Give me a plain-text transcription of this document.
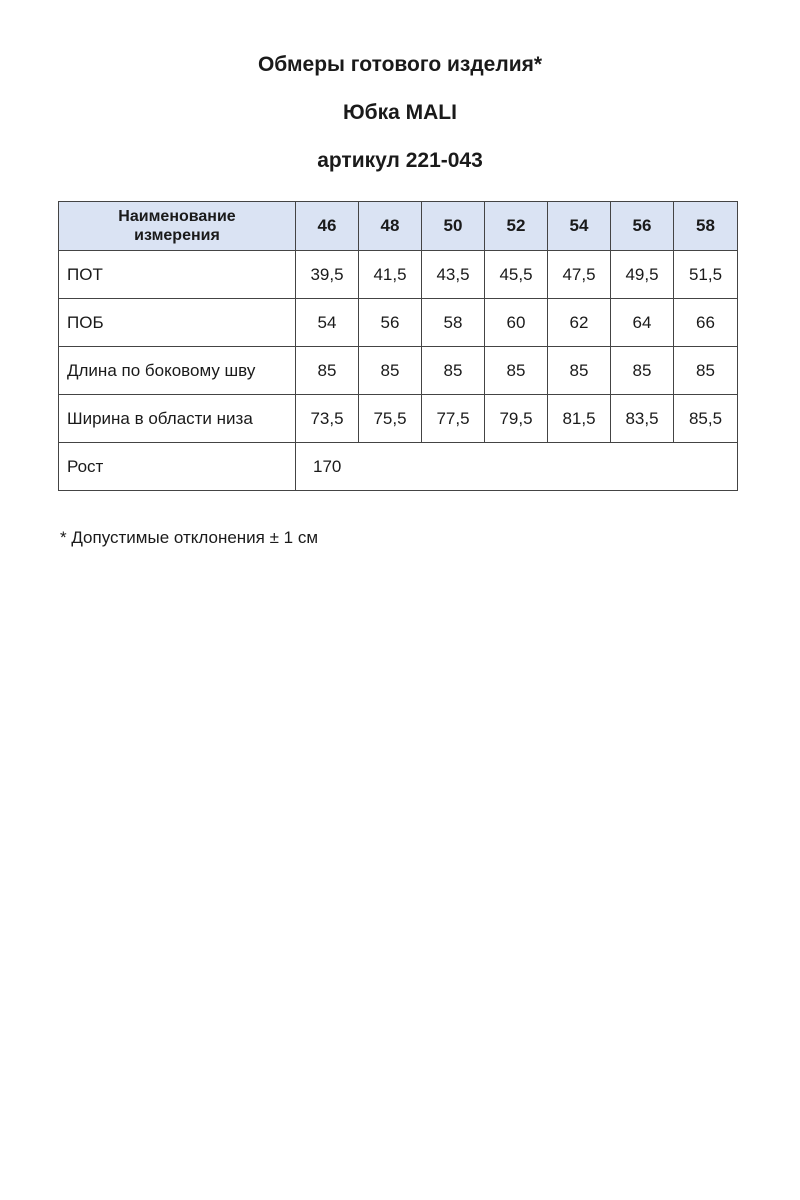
Обмеры готового изделия*
Юбка MALI
артикул 221-043
Наименование
измерения	46	48	50	52	54	56	58
ПОТ	39,5	41,5	43,5	45,5	47,5	49,5	51,5
ПОБ	54	56	58	60	62	64	66
Длина по боковому шву	85	85	85	85	85	85	85
Ширина в области низа	73,5	75,5	77,5	79,5	81,5	83,5	85,5
Рост	170						

* Допустимые отклонения ± 1 см
